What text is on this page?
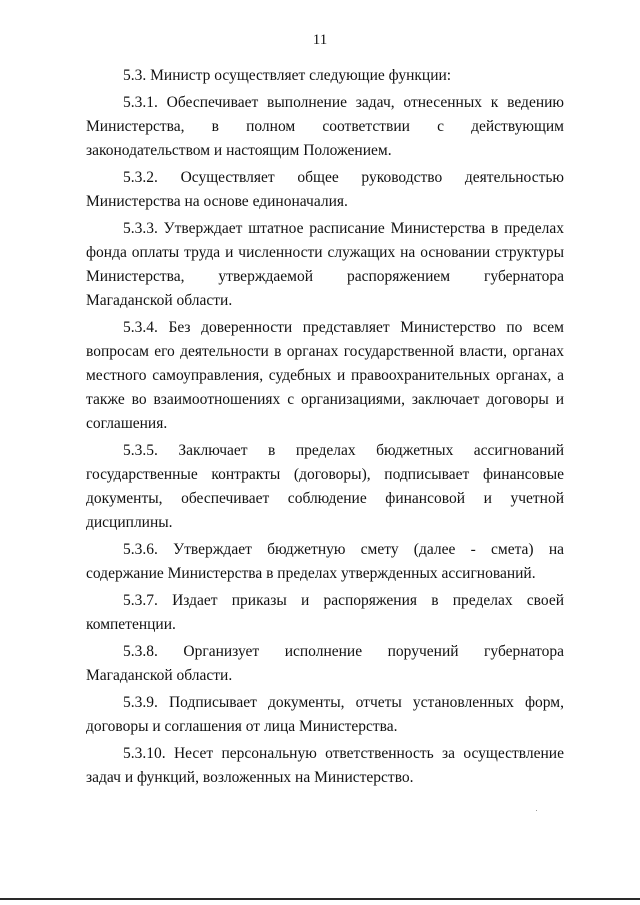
11

5.3. Министр осуществляет следующие функции:

5.3.1. Обеспечивает выполнение задач, отнесенных к ведению Министерства, в полном соответствии с действующим законодательством и настоящим Положением.

5.3.2. Осуществляет общее руководство деятельностью Министерства на основе единоначалия.

5.3.3. Утверждает штатное расписание Министерства в пределах фонда оплаты труда и численности служащих на основании структуры Министерства, утверждаемой распоряжением губернатора Магаданской области.

5.3.4. Без доверенности представляет Министерство по всем вопросам его деятельности в органах государственной власти, органах местного самоуправления, судебных и правоохранительных органах, а также во взаимоотношениях с организациями, заключает договоры и соглашения.

5.3.5. Заключает в пределах бюджетных ассигнований государственные контракты (договоры), подписывает финансовые документы, обеспечивает соблюдение финансовой и учетной дисциплины.

5.3.6. Утверждает бюджетную смету (далее - смета) на содержание Министерства в пределах утвержденных ассигнований.

5.3.7. Издает приказы и распоряжения в пределах своей компетенции.

5.3.8. Организует исполнение поручений губернатора Магаданской области.

5.3.9. Подписывает документы, отчеты установленных форм, договоры и соглашения от лица Министерства.

5.3.10. Несет персональную ответственность за осуществление задач и функций, возложенных на Министерство.
